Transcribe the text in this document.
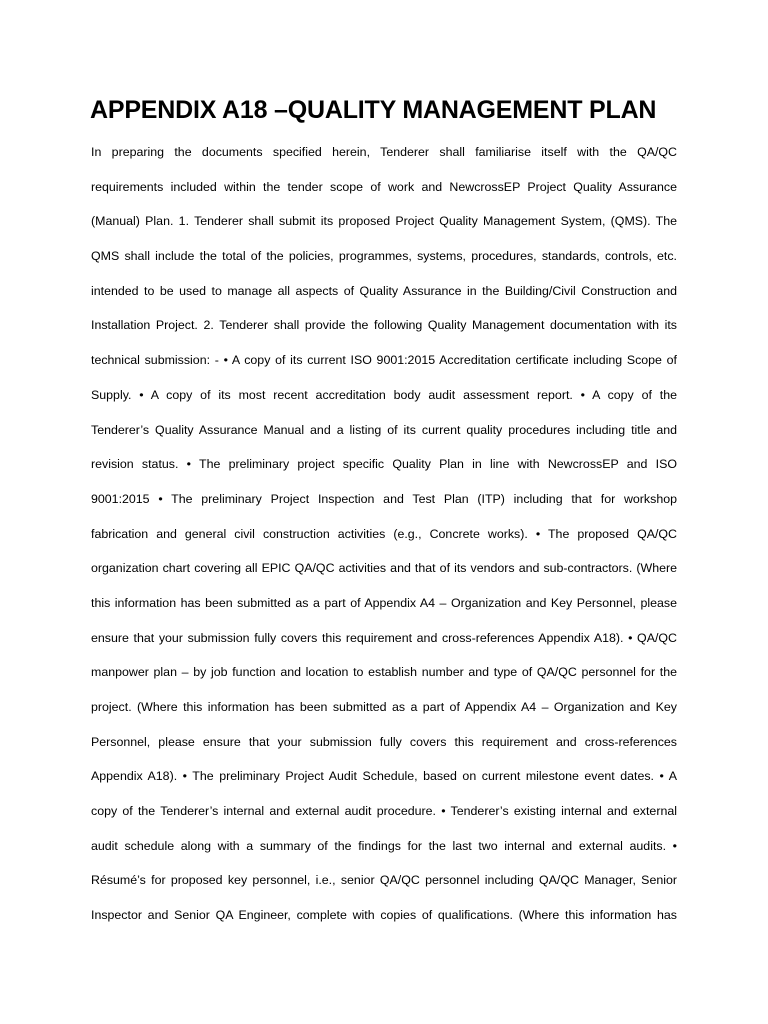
APPENDIX A18 –QUALITY MANAGEMENT PLAN
In preparing the documents specified herein, Tenderer shall familiarise itself with the QA/QC
requirements included within the tender scope of work and NewcrossEP Project Quality Assurance
(Manual) Plan. 1. Tenderer shall submit its proposed Project Quality Management System, (QMS). The
QMS shall include the total of the policies, programmes, systems, procedures, standards, controls, etc.
intended to be used to manage all aspects of Quality Assurance in the Building/Civil Construction and
Installation Project. 2. Tenderer shall provide the following Quality Management documentation with its
technical submission: - • A copy of its current ISO 9001:2015 Accreditation certificate including Scope of
Supply. • A copy of its most recent accreditation body audit assessment report. • A copy of the
Tenderer’s Quality Assurance Manual and a listing of its current quality procedures including title and
revision status. • The preliminary project specific Quality Plan in line with NewcrossEP and ISO
9001:2015 • The preliminary Project Inspection and Test Plan (ITP) including that for workshop
fabrication and general civil construction activities (e.g., Concrete works). • The proposed QA/QC
organization chart covering all EPIC QA/QC activities and that of its vendors and sub-contractors. (Where
this information has been submitted as a part of Appendix A4 – Organization and Key Personnel, please
ensure that your submission fully covers this requirement and cross-references Appendix A18). • QA/QC
manpower plan – by job function and location to establish number and type of QA/QC personnel for the
project. (Where this information has been submitted as a part of Appendix A4 – Organization and Key
Personnel, please ensure that your submission fully covers this requirement and cross-references
Appendix A18). • The preliminary Project Audit Schedule, based on current milestone event dates. • A
copy of the Tenderer’s internal and external audit procedure. • Tenderer’s existing internal and external
audit schedule along with a summary of the findings for the last two internal and external audits. •
Résumé’s for proposed key personnel, i.e., senior QA/QC personnel including QA/QC Manager, Senior
Inspector and Senior QA Engineer, complete with copies of qualifications. (Where this information has
